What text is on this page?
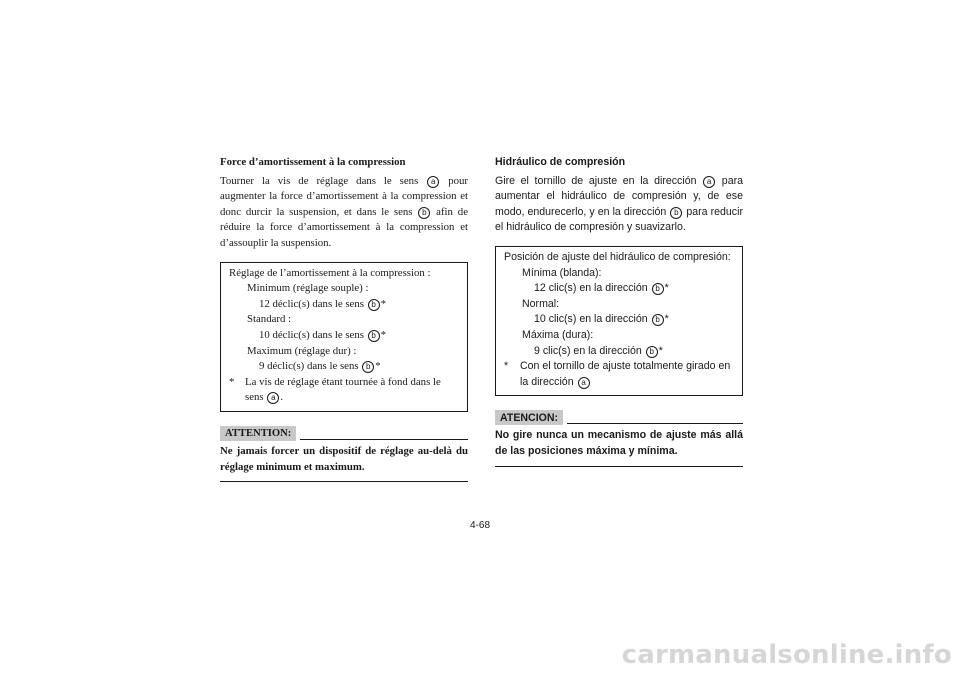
Force d’amortissement à la compression

Tourner la vis de réglage dans le sens a pour augmenter la force d’amortissement à la compression et donc durcir la suspension, et dans le sens b afin de réduire la force d’amortissement à la compression et d’assouplir la suspension.

Réglage de l’amortissement à la compression :

Minimum (réglage souple) :

12 déclic(s) dans le sens b *

Standard :

10 déclic(s) dans le sens b *

Maximum (réglage dur) :

9 déclic(s) dans le sens b *

* La vis de réglage étant tournée à fond dans le sens a .
ATTENTION:

Ne jamais forcer un dispositif de réglage au-delà du réglage minimum et maximum.

Hidráulico de compresión

Gire el tornillo de ajuste en la dirección a para aumentar el hidráulico de compresión y, de ese modo, endurecerlo, y en la dirección b para reducir el hidráulico de compresión y suavizarlo.

Posición de ajuste del hidráulico de compresión:

Mínima (blanda):

12 clic(s) en la dirección b *

Normal:

10 clic(s) en la dirección b *

Máxima (dura):

9 clic(s) en la dirección b *

*	Con el tornillo de ajuste totalmente girado en la dirección a
ATENCION:

No gire nunca un mecanismo de ajuste más allá de las posiciones máxima y mínima.

4-68
carmanualsonline.info
